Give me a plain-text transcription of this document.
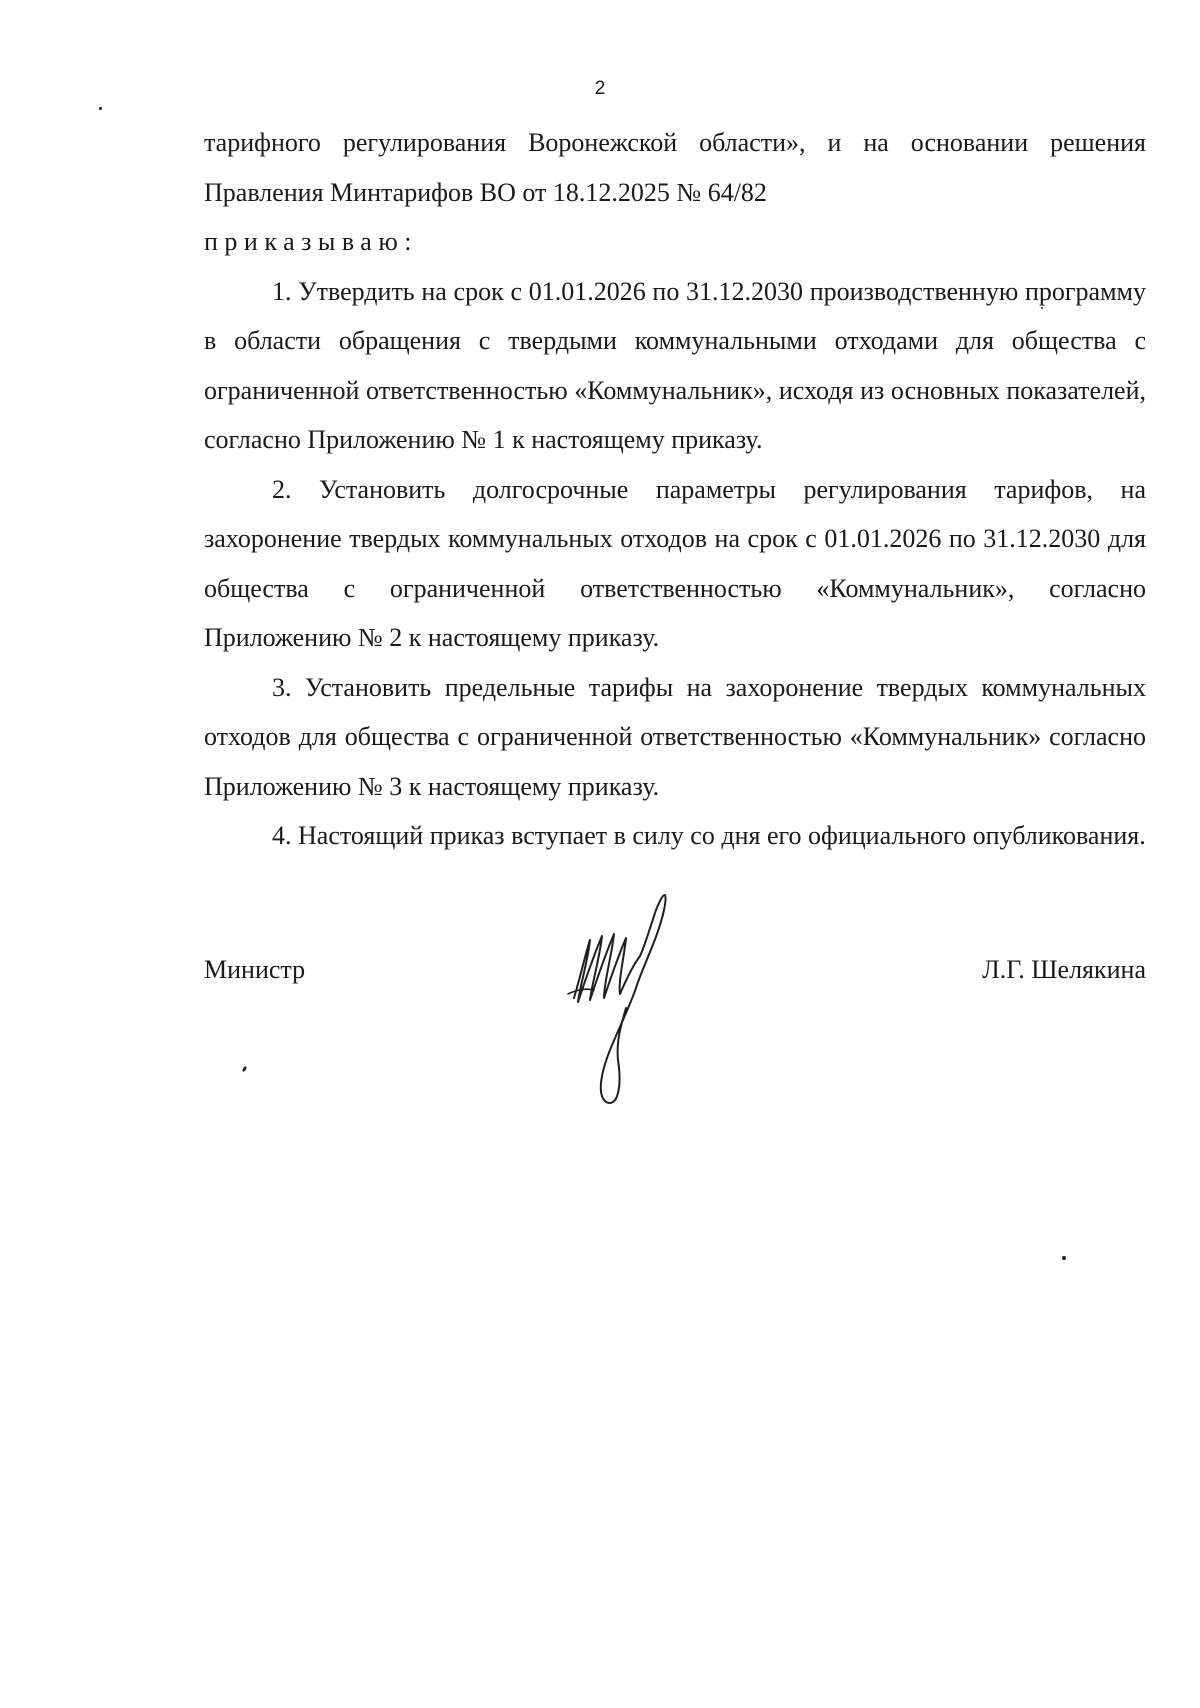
2

тарифного регулирования Воронежской области», и на основании решения

Правления Минтарифов ВО от 18.12.2025 № 64/82

приказываю:

1. Утвердить на срок с 01.01.2026 по 31.12.2030 производственную программу в области обращения с твердыми коммунальными отходами для общества с ограниченной ответственностью «Коммунальник», исходя из основных показателей, согласно Приложению № 1 к настоящему приказу.

2. Установить долгосрочные параметры регулирования тарифов, на захоронение твердых коммунальных отходов на срок с 01.01.2026 по 31.12.2030 для общества с ограниченной ответственностью «Коммунальник», согласно Приложению № 2 к настоящему приказу.

3. Установить предельные тарифы на захоронение твердых коммунальных отходов для общества с ограниченной ответственностью «Коммунальник» согласно Приложению № 3 к настоящему приказу.

4. Настоящий приказ вступает в силу со дня его официального опубликования.

Министр	Л.Г. Шелякина
